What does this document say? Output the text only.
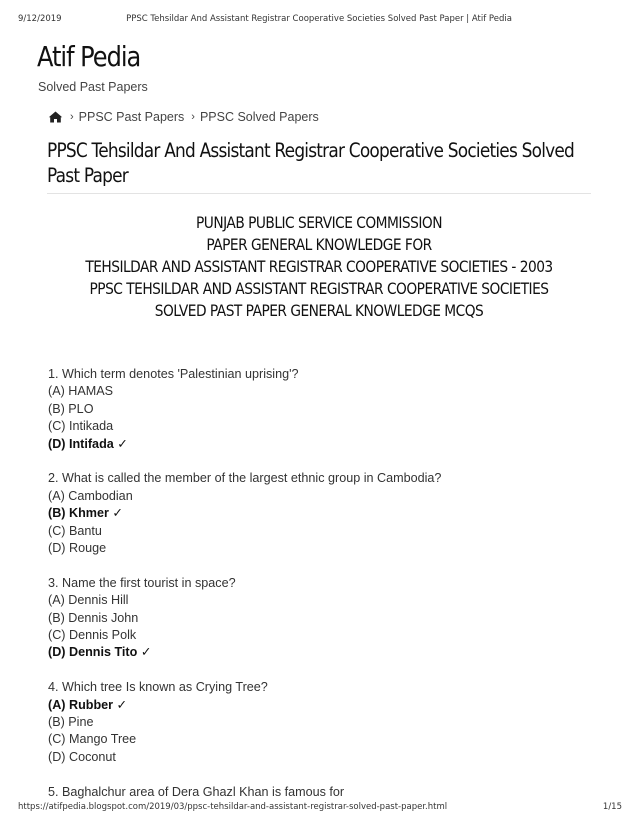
9/12/2019	PPSC Tehsildar And Assistant Registrar Cooperative Societies Solved Past Paper | Atif Pedia
Atif Pedia
Solved Past Papers
› PPSC Past Papers › PPSC Solved Papers
PPSC Tehsildar And Assistant Registrar Cooperative Societies Solved Past Paper
PUNJAB PUBLIC SERVICE COMMISSION
PAPER GENERAL KNOWLEDGE FOR
TEHSILDAR AND ASSISTANT REGISTRAR COOPERATIVE SOCIETIES - 2003
PPSC TEHSILDAR AND ASSISTANT REGISTRAR COOPERATIVE SOCIETIES
SOLVED PAST PAPER GENERAL KNOWLEDGE MCQS
1. Which term denotes 'Palestinian uprising'?
(A) HAMAS
(B) PLO
(C) Intikada
(D) Intifada ✓
2. What is called the member of the largest ethnic group in Cambodia?
(A) Cambodian
(B) Khmer ✓
(C) Bantu
(D) Rouge
3. Name the first tourist in space?
(A) Dennis Hill
(B) Dennis John
(C) Dennis Polk
(D) Dennis Tito ✓
4. Which tree Is known as Crying Tree?
(A) Rubber ✓
(B) Pine
(C) Mango Tree
(D) Coconut
5. Baghalchur area of Dera Ghazl Khan is famous for
https://atifpedia.blogspot.com/2019/03/ppsc-tehsildar-and-assistant-registrar-solved-past-paper.html	1/15
